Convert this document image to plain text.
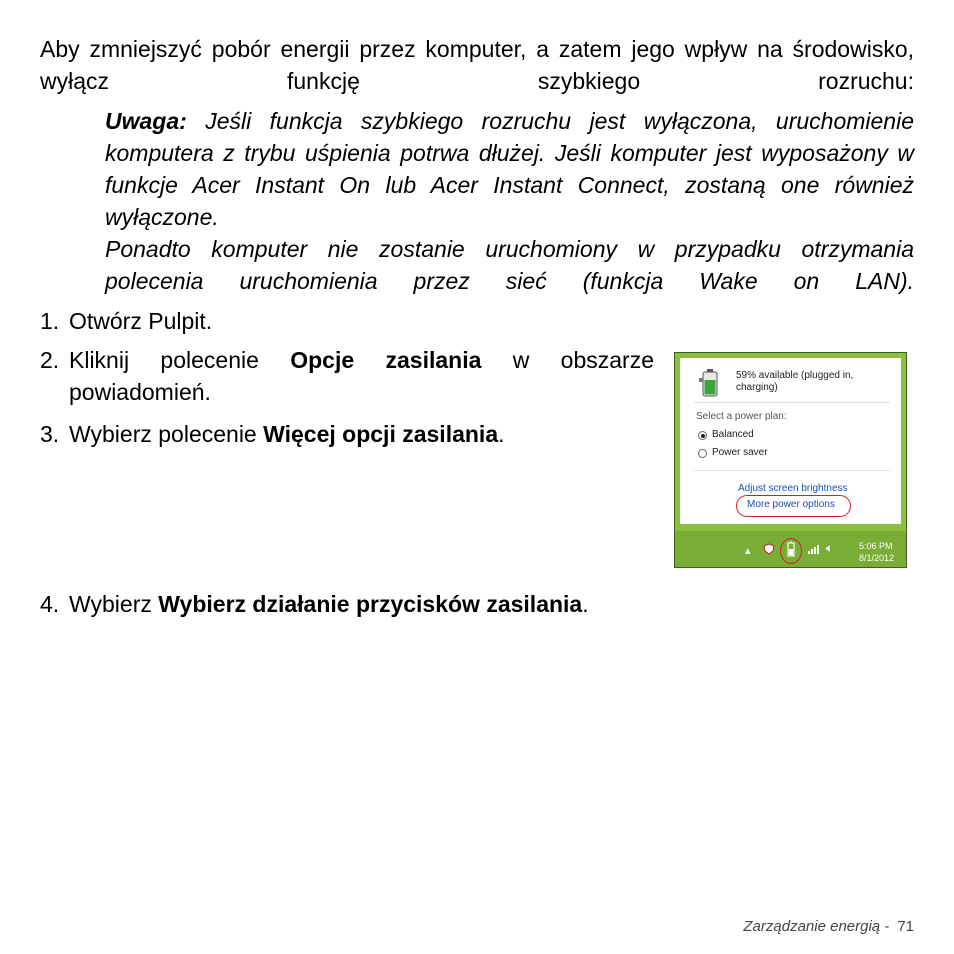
Aby zmniejszyć pobór energii przez komputer, a zatem jego wpływ na środowisko, wyłącz funkcję szybkiego rozruchu:

Uwaga: Jeśli funkcja szybkiego rozruchu jest wyłączona, uruchomienie komputera z trybu uśpienia potrwa dłużej. Jeśli komputer jest wyposażony w funkcje Acer Instant On lub Acer Instant Connect, zostaną one również wyłączone.

Ponadto komputer nie zostanie uruchomiony w przypadku otrzymania polecenia uruchomienia przez sieć (funkcja Wake on LAN).

1. Otwórz Pulpit.
2. Kliknij polecenie Opcje zasilania w obszarze powiadomień.
3. Wybierz polecenie Więcej opcji zasilania.
59% available (plugged in,
charging)
Select a power plan:
Balanced
Power saver
Adjust screen brightness
More power options
▴	🔈︎	5:06 PM
8/1/2012
4. Wybierz Wybierz działanie przycisków zasilania.
Zarządzanie energią - 71
